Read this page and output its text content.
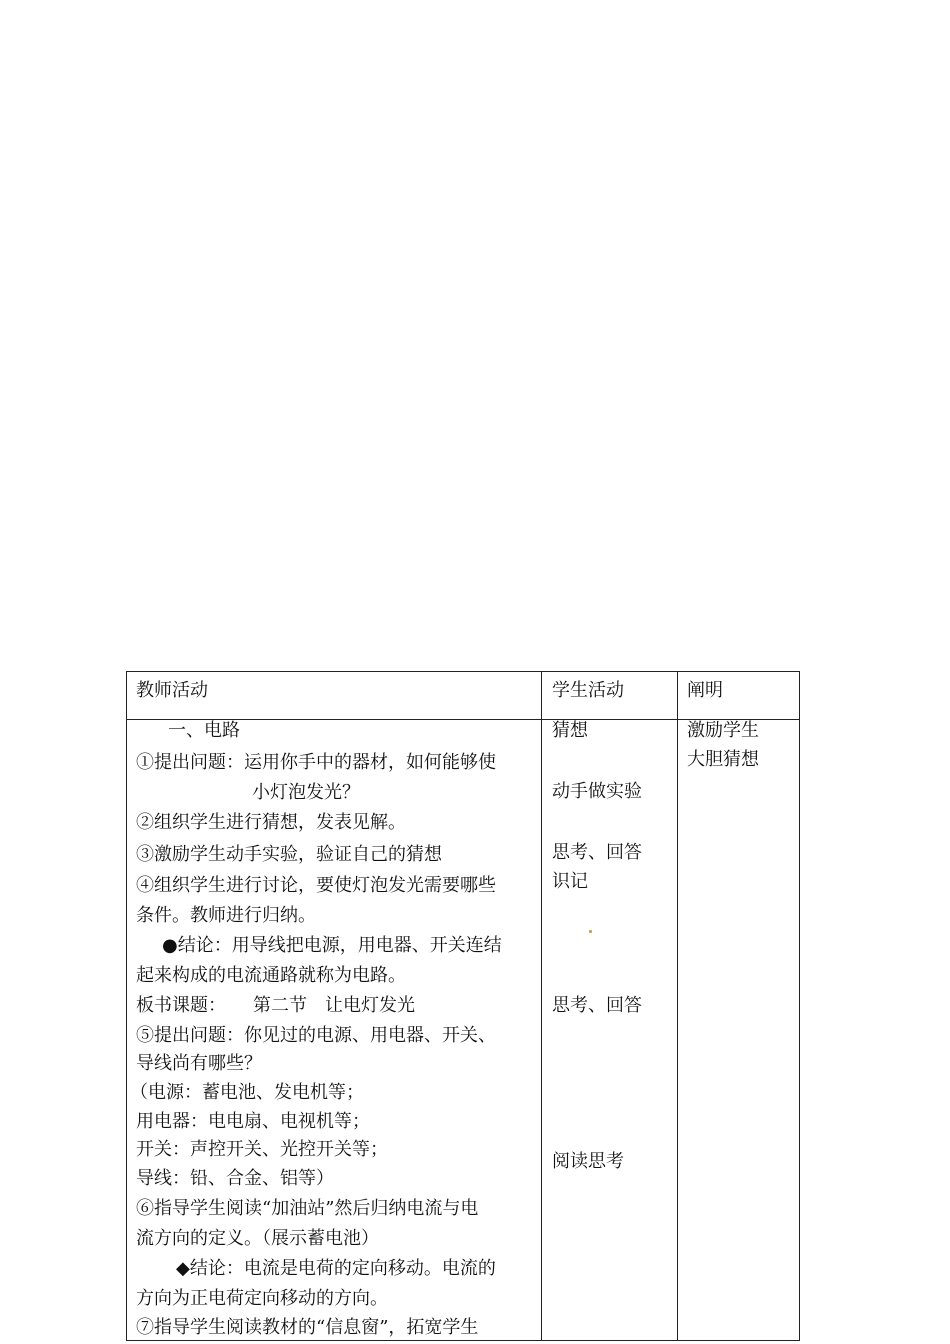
教师活动	学生活动	阐明
一、电路
①提出问题：运用你手中的器材，如何能够使
小灯泡发光？
②组织学生进行猜想，发表见解。
③激励学生动手实验，验证自己的猜想
④组织学生进行讨论，要使灯泡发光需要哪些
条件。教师进行归纳。
●结论：用导线把电源，用电器、开关连结
起来构成的电流通路就称为电路。
板书课题：　　第二节　让电灯发光
⑤提出问题：你见过的电源、用电器、开关、
导线尚有哪些？
（电源：蓄电池、发电机等；
用电器：电电扇、电视机等；
开关：声控开关、光控开关等；
导线：铅、合金、铝等）
⑥指导学生阅读“加油站”然后归纳电流与电
流方向的定义。（展示蓄电池）
◆结论：电流是电荷的定向移动。电流的
方向为正电荷定向移动的方向。
⑦指导学生阅读教材的“信息窗”，拓宽学生
猜想
动手做实验
思考、回答
识记
思考、回答
阅读思考
激励学生
大胆猜想
